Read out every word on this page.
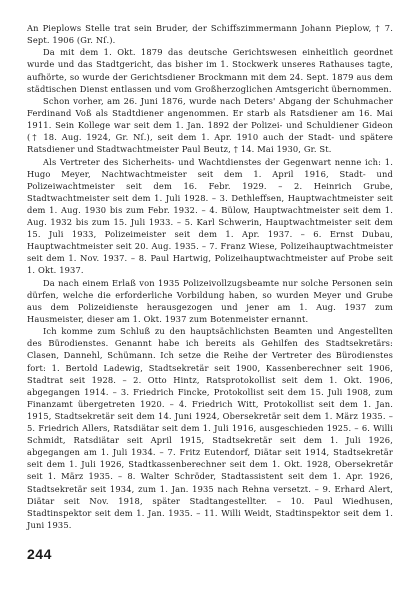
An Pieplows Stelle trat sein Bruder, der Schiffszimmermann Johann Pieplow, † 7. Sept. 1906 (Gr. Nſ.).

Da mit dem 1. Okt. 1879 das deutsche Gerichtswesen einheitlich geordnet wurde und das Stadtgericht, das bisher im 1. Stockwerk unseres Rathauses tagte, aufhörte, so wurde der Gerichtsdiener Brockmann mit dem 24. Sept. 1879 aus dem städtischen Dienst entlassen und vom Großherzoglichen Amtsgericht übernommen.

Schon vorher, am 26. Juni 1876, wurde nach Deters' Abgang der Schuhmacher Ferdinand Voß als Stadtdiener angenommen. Er starb als Ratsdiener am 16. Mai 1911. Sein Kollege war seit dem 1. Jan. 1892 der Polizei- und Schuldiener Gideon († 18. Aug. 1924, Gr. Nſ.), seit dem 1. Apr. 1910 auch der Stadt- und spätere Ratsdiener und Stadtwachtmeister Paul Beutz, † 14. Mai 1930, Gr. St.

Als Vertreter des Sicherheits- und Wachtdienstes der Gegenwart nenne ich: 1. Hugo Meyer, Nachtwachtmeister seit dem 1. April 1916, Stadt- und Polizeiwachtmeister seit dem 16. Febr. 1929. – 2. Heinrich Grube, Stadtwachtmeister seit dem 1. Juli 1928. – 3. Dethleffsen, Hauptwachtmeister seit dem 1. Aug. 1930 bis zum Febr. 1932. – 4. Bülow, Hauptwachtmeister seit dem 1. Aug. 1932 bis zum 15. Juli 1933. – 5. Karl Schwerin, Hauptwachtmeister seit dem 15. Juli 1933, Polizeimeister seit dem 1. Apr. 1937. – 6. Ernst Dubau, Hauptwachtmeister seit 20. Aug. 1935. – 7. Franz Wiese, Polizeihauptwachtmeister seit dem 1. Nov. 1937. – 8. Paul Hartwig, Polizeihauptwachtmeister auf Probe seit 1. Okt. 1937.

Da nach einem Erlaß von 1935 Polizeivollzugsbeamte nur solche Personen sein dürfen, welche die erforderliche Vorbildung haben, so wurden Meyer und Grube aus dem Polizeidienste herausgezogen und jener am 1. Aug. 1937 zum Hausmeister, dieser am 1. Okt. 1937 zum Botenmeister ernannt.

Ich komme zum Schluß zu den hauptsächlichsten Beamten und Angestellten des Bürodienstes. Genannt habe ich bereits als Gehilfen des Stadtsekretärs: Clasen, Dannehl, Schümann. Ich setze die Reihe der Vertreter des Bürodienstes fort: 1. Bertold Ladewig, Stadtsekretär seit 1900, Kassenberechner seit 1906, Stadtrat seit 1928. – 2. Otto Hintz, Ratsprotokollist seit dem 1. Okt. 1906, abgegangen 1914. – 3. Friedrich Fincke, Protokollist seit dem 15. Juli 1908, zum Finanzamt übergetreten 1920. – 4. Friedrich Witt, Protokollist seit dem 1. Jan. 1915, Stadtsekretär seit dem 14. Juni 1924, Obersekretär seit dem 1. März 1935. – 5. Friedrich Allers, Ratsdiätar seit dem 1. Juli 1916, ausgeschieden 1925. – 6. Willi Schmidt, Ratsdiätar seit April 1915, Stadtsekretär seit dem 1. Juli 1926, abgegangen am 1. Juli 1934. – 7. Fritz Eutendorf, Diätar seit 1914, Stadtsekretär seit dem 1. Juli 1926, Stadtkassenberechner seit dem 1. Okt. 1928, Obersekretär seit 1. März 1935. – 8. Walter Schröder, Stadtassistent seit dem 1. Apr. 1926, Stadtsekretär seit 1934, zum 1. Jan. 1935 nach Rehna versetzt. – 9. Erhard Alert, Diätar seit Nov. 1918, später Stadtangestellter. – 10. Paul Wiedhusen, Stadtinspektor seit dem 1. Jan. 1935. – 11. Willi Weidt, Stadtinspektor seit dem 1. Juni 1935.

244
